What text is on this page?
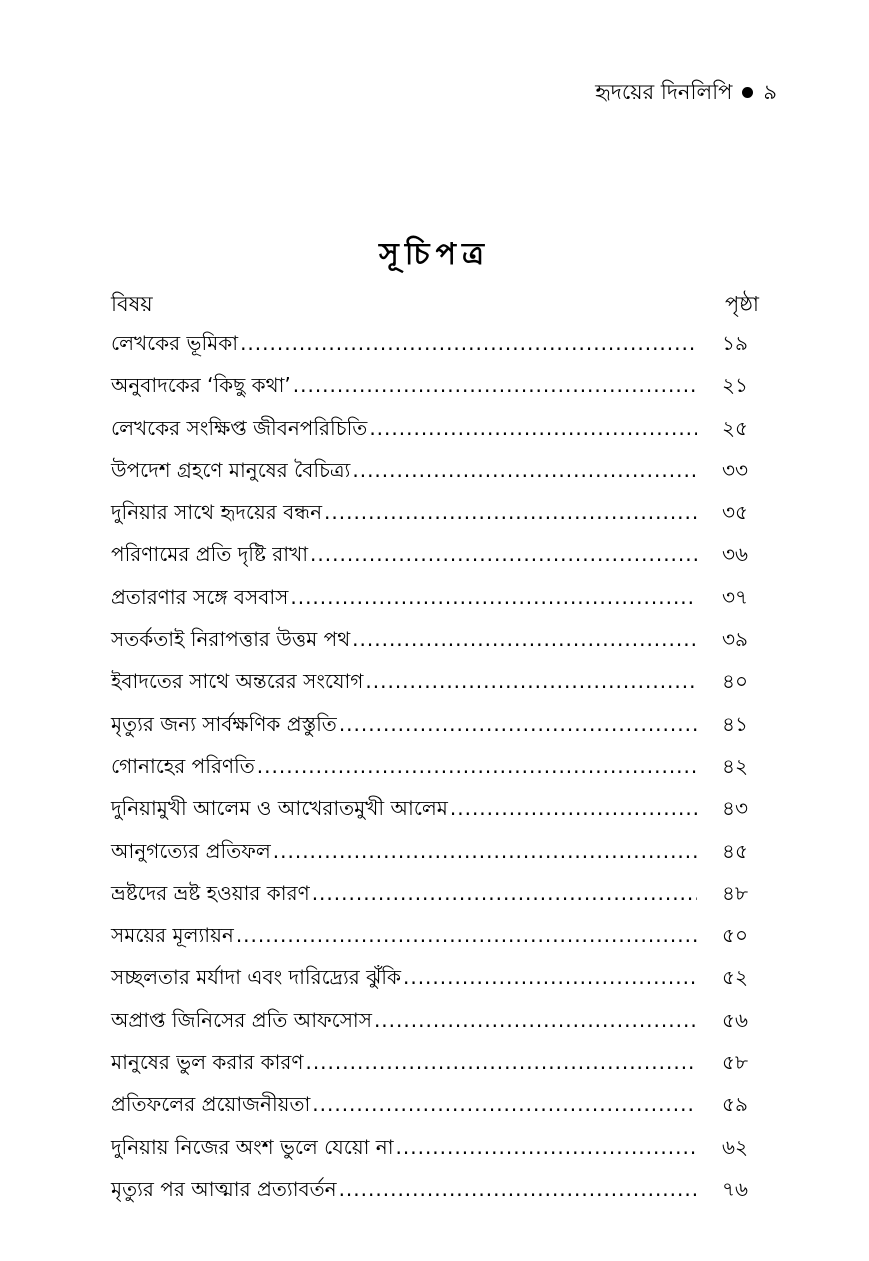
হৃদয়ের দিনলিপি ৯
সূচিপত্র
বিষয়	পৃষ্ঠা
লেখকের ভূমিকা .....	১৯
অনুবাদকের ‘কিছু কথা’ .....	২১
লেখকের সংক্ষিপ্ত জীবনপরিচিতি .....	২৫
উপদেশ গ্রহণে মানুষের বৈচিত্র্য .....	৩৩
দুনিয়ার সাথে হৃদয়ের বন্ধন .....	৩৫
পরিণামের প্রতি দৃষ্টি রাখা .....	৩৬
প্রতারণার সঙ্গে বসবাস .....	৩৭
সতর্কতাই নিরাপত্তার উত্তম পথ .....	৩৯
ইবাদতের সাথে অন্তরের সংযোগ .....	৪০
মৃত্যুর জন্য সার্বক্ষণিক প্রস্তুতি .....	৪১
গোনাহের পরিণতি .....	৪২
দুনিয়ামুখী আলেম ও আখেরাতমুখী আলেম .....	৪৩
আনুগত্যের প্রতিফল .....	৪৫
ভ্রষ্টদের ভ্রষ্ট হওয়ার কারণ .....	৪৮
সময়ের মূল্যায়ন .....	৫০
সচ্ছলতার মর্যাদা এবং দারিদ্র্যের ঝুঁকি .....	৫২
অপ্রাপ্ত জিনিসের প্রতি আফসোস .....	৫৬
মানুষের ভুল করার কারণ .....	৫৮
প্রতিফলের প্রয়োজনীয়তা .....	৫৯
দুনিয়ায় নিজের অংশ ভুলে যেয়ো না .....	৬২
মৃত্যুর পর আত্মার প্রত্যাবর্তন .....	৭৬
